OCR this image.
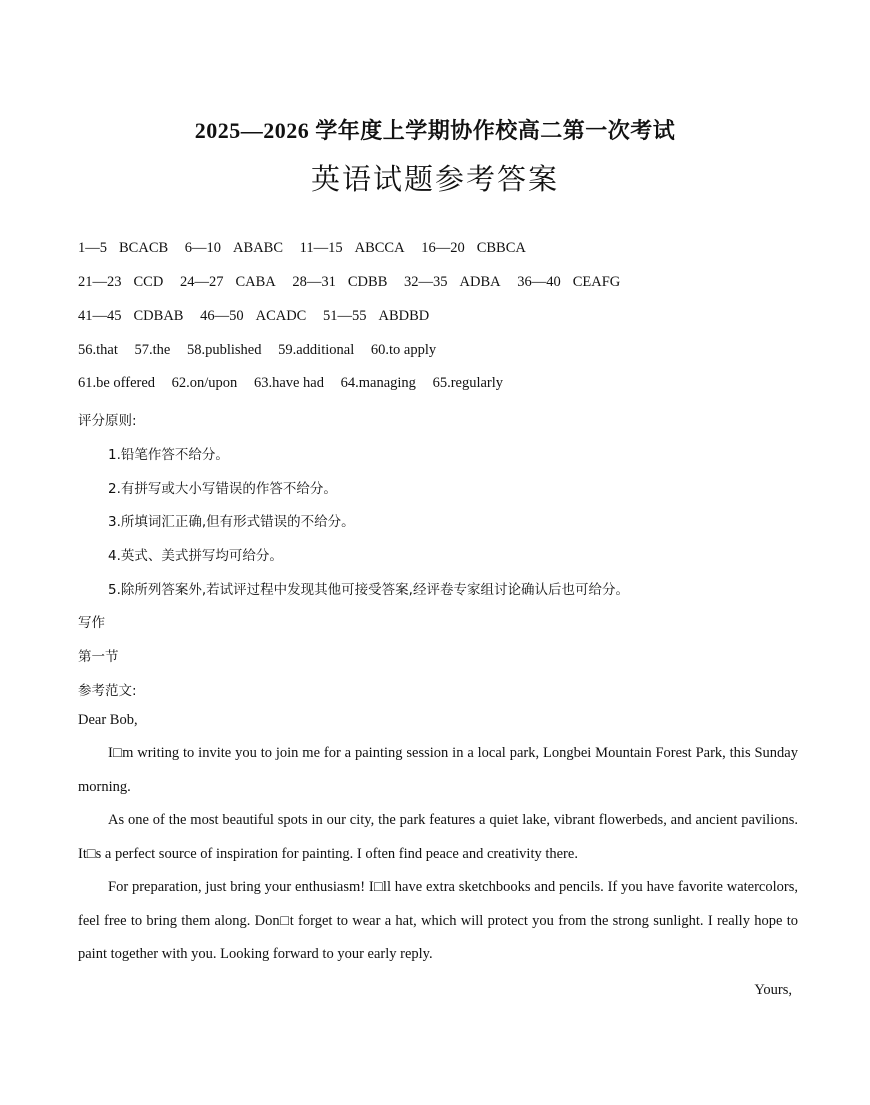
2025—2026 学年度上学期协作校高二第一次考试
英语试题参考答案
1—5 BCACB 6—10 ABABC 11—15 ABCCA 16—20 CBBCA
21—23 CCD 24—27 CABA 28—31 CDBB 32—35 ADBA 36—40 CEAFG
41—45 CDBAB 46—50 ACADC 51—55 ABDBD
56.that 57.the 58.published 59.additional 60.to apply
61.be offered 62.on/upon 63.have had 64.managing 65.regularly
评分原则:
1.铅笔作答不给分。
2.有拼写或大小写错误的作答不给分。
3.所填词汇正确,但有形式错误的不给分。
4.英式、美式拼写均可给分。
5.除所列答案外,若试评过程中发现其他可接受答案,经评卷专家组讨论确认后也可给分。
写作
第一节
参考范文:
Dear Bob,
I□m writing to invite you to join me for a painting session in a local park, Longbei Mountain Forest Park, this Sunday morning.
As one of the most beautiful spots in our city, the park features a quiet lake, vibrant flowerbeds, and ancient pavilions. It□s a perfect source of inspiration for painting. I often find peace and creativity there.
For preparation, just bring your enthusiasm! I□ll have extra sketchbooks and pencils. If you have favorite watercolors, feel free to bring them along. Don□t forget to wear a hat, which will protect you from the strong sunlight. I really hope to paint together with you. Looking forward to your early reply.
Yours,
